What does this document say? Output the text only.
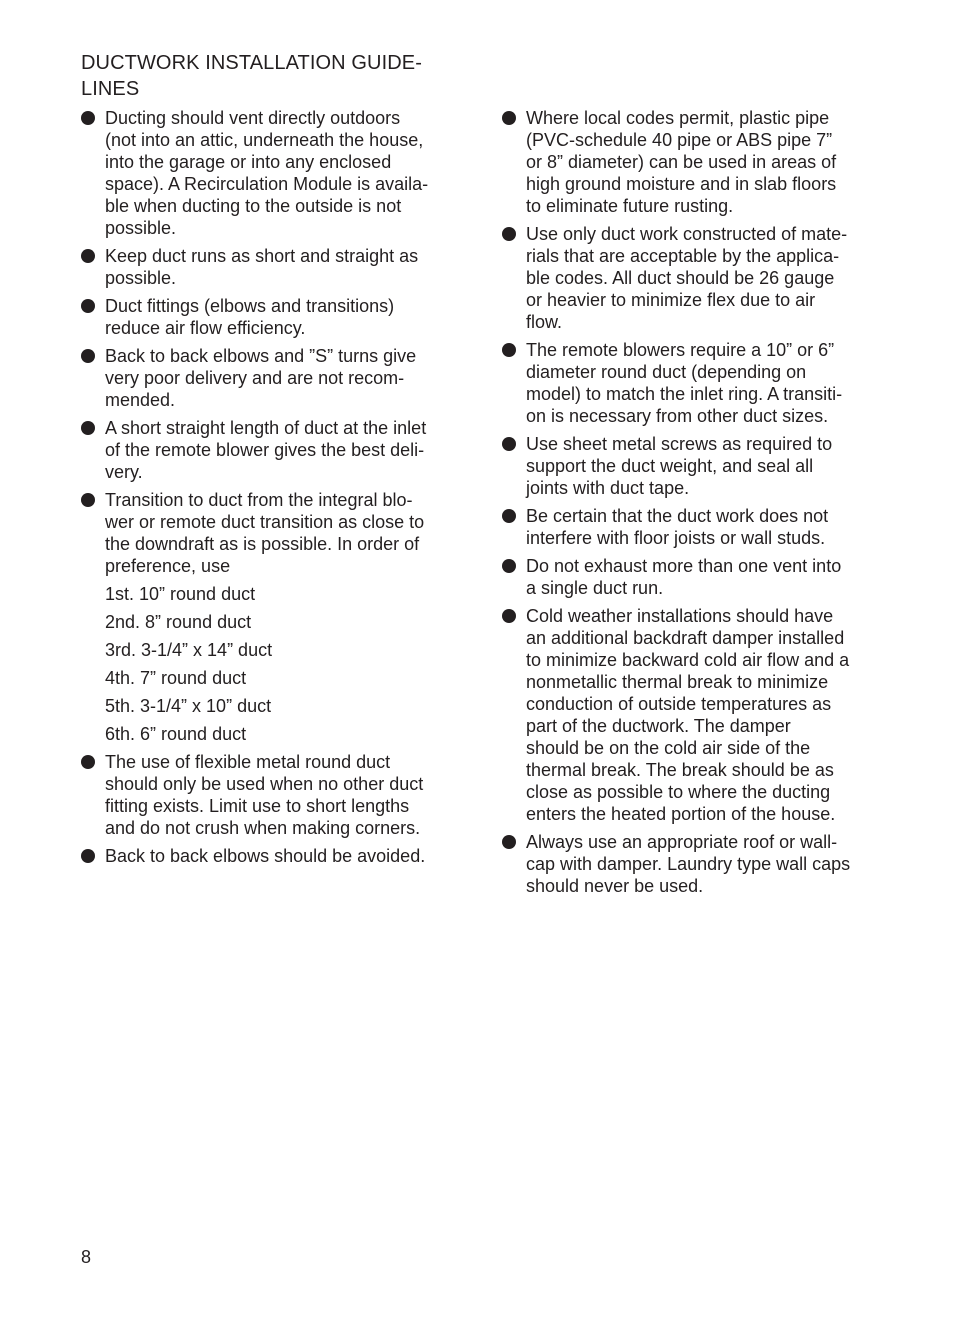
DUCTWORK INSTALLATION GUIDE-
LINES
Ducting should vent directly outdoors
(not into an attic, underneath the house,
into the garage or into any enclosed
space). A Recirculation Module is availa-
ble when ducting to the outside is not
possible.
Keep duct runs as short and straight as
possible.
Duct fittings (elbows and transitions)
reduce air flow efficiency.
Back to back elbows and ”S” turns give
very poor delivery and are not recom-
mended.
A short straight length of duct at the inlet
of the remote blower gives the best deli-
very.
Transition to duct from the integral blo-
wer or remote duct transition as close to
the downdraft as is possible. In order of
preference, use
1st. 10” round duct
2nd. 8” round duct
3rd. 3-1/4” x 14” duct
4th. 7” round duct
5th. 3-1/4” x 10” duct
6th. 6” round duct
The use of flexible metal round duct
should only be used when no other duct
fitting exists. Limit use to short lengths
and do not crush when making corners.
Back to back elbows should be avoided.
Where local codes permit, plastic pipe
(PVC-schedule 40 pipe or ABS pipe 7”
or 8” diameter) can be used in areas of
high ground moisture and in slab floors
to eliminate future rusting.
Use only duct work constructed of mate-
rials that are acceptable by the applica-
ble codes. All duct should be 26 gauge
or heavier to minimize flex due to air
flow.
The remote blowers require a 10” or 6”
diameter round duct (depending on
model) to match the inlet ring. A transiti-
on is necessary from other duct sizes.
Use sheet metal screws as required to
support the duct weight, and seal all
joints with duct tape.
Be certain that the duct work does not
interfere with floor joists or wall studs.
Do not exhaust more than one vent into
a single duct run.
Cold weather installations should have
an additional backdraft damper installed
to minimize backward cold air flow and a
nonmetallic thermal break to minimize
conduction of outside temperatures as
part of the ductwork. The damper
should be on the cold air side of the
thermal break. The break should be as
close as possible to where the ducting
enters the heated portion of the house.
Always use an appropriate roof or wall-
cap with damper. Laundry type wall caps
should never be used.
8
